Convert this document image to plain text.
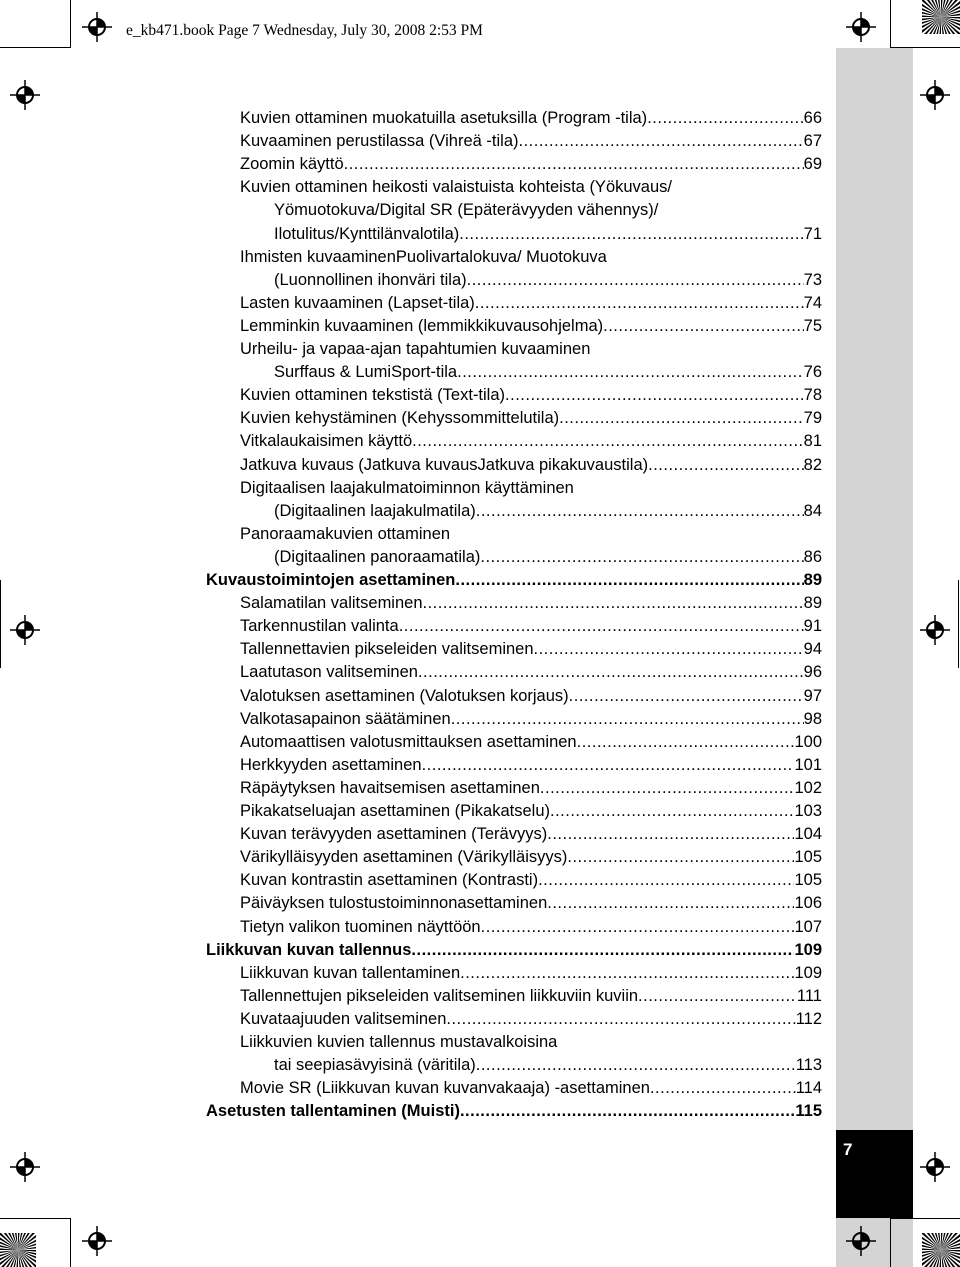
7
e_kb471.book Page 7 Wednesday, July 30, 2008 2:53 PM
Kuvien ottaminen muokatuilla asetuksilla (Program -tila) .....	66
Kuvaaminen perustilassa (Vihreä -tila) .....	67
Zoomin käyttö .....	69
Kuvien ottaminen heikosti valaistuista kohteista (Yökuvaus/
Yömuotokuva/Digital SR (Epäterävyyden vähennys)/
Ilotulitus/Kynttilänvalotila) .....	71
Ihmisten kuvaaminenPuolivartalokuva/ Muotokuva
(Luonnollinen ihonväri tila) .....	73
Lasten kuvaaminen (Lapset-tila) .....	74
Lemminkin kuvaaminen (lemmikkikuvausohjelma) .....	75
Urheilu- ja vapaa-ajan tapahtumien kuvaaminen
Surffaus & LumiSport-tila .....	76
Kuvien ottaminen tekstistä (Text-tila) .....	78
Kuvien kehystäminen (Kehyssommittelutila) .....	79
Vitkalaukaisimen käyttö .....	81
Jatkuva kuvaus (Jatkuva kuvausJatkuva pikakuvaustila) .....	82
Digitaalisen laajakulmatoiminnon käyttäminen
(Digitaalinen laajakulmatila) .....	84
Panoraamakuvien ottaminen
(Digitaalinen panoraamatila) .....	86
Kuvaustoimintojen asettaminen .....	89
Salamatilan valitseminen .....	89
Tarkennustilan valinta .....	91
Tallennettavien pikseleiden valitseminen .....	94
Laatutason valitseminen .....	96
Valotuksen asettaminen (Valotuksen korjaus) .....	97
Valkotasapainon säätäminen .....	98
Automaattisen valotusmittauksen asettaminen .....	100
Herkkyyden asettaminen .....	101
Räpäytyksen havaitsemisen asettaminen .....	102
Pikakatseluajan asettaminen (Pikakatselu) .....	103
Kuvan terävyyden asettaminen (Terävyys) .....	104
Värikylläisyyden asettaminen (Värikylläisyys) .....	105
Kuvan kontrastin asettaminen (Kontrasti) .....	105
Päiväyksen tulostustoiminnonasettaminen .....	106
Tietyn valikon tuominen näyttöön .....	107
Liikkuvan kuvan tallennus .....	109
Liikkuvan kuvan tallentaminen .....	109
Tallennettujen pikseleiden valitseminen liikkuviin kuviin .....	111
Kuvataajuuden valitseminen .....	112
Liikkuvien kuvien tallennus mustavalkoisina
tai seepiasävyisinä (väritila) .....	113
Movie SR (Liikkuvan kuvan kuvanvakaaja) -asettaminen .....	114
Asetusten tallentaminen (Muisti) .....	115
